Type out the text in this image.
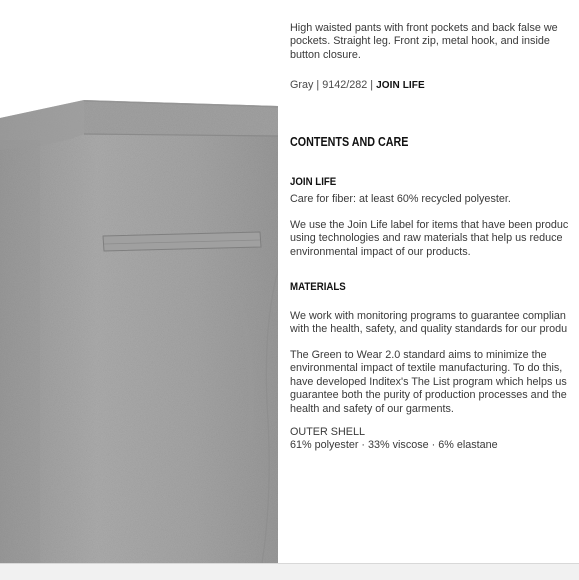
High waisted pants with front pockets and back false we
pockets. Straight leg. Front zip, metal hook, and inside
button closure.
Gray | 9142/282 | JOIN LIFE
CONTENTS AND CARE
JOIN LIFE
Care for fiber: at least 60% recycled polyester.
We use the Join Life label for items that have been produc
using technologies and raw materials that help us reduce
environmental impact of our products.
MATERIALS
We work with monitoring programs to guarantee complian
with the health, safety, and quality standards for our produ
The Green to Wear 2.0 standard aims to minimize the
environmental impact of textile manufacturing. To do this,
have developed Inditex's The List program which helps us
guarantee both the purity of production processes and the
health and safety of our garments.
OUTER SHELL
61% polyester · 33% viscose · 6% elastane
